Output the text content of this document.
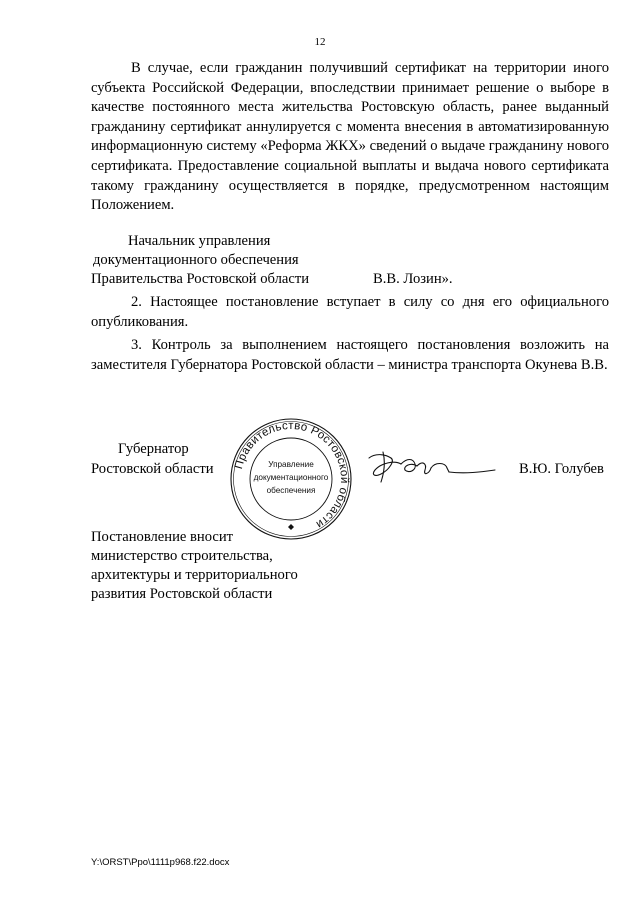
12

В случае, если гражданин получивший сертификат на территории иного субъекта Российской Федерации, впоследствии принимает решение о выборе в качестве постоянного места жительства Ростовскую область, ранее выданный гражданину сертификат аннулируется с момента внесения в автоматизированную информационную систему «Реформа ЖКХ» сведений о выдаче гражданину нового сертификата. Предоставление социальной выплаты и выдача нового сертификата такому гражданину осуществляется в порядке, предусмотренном настоящим Положением.

Начальник управления
документационного обеспечения
Правительства Ростовской области	В.В. Лозин».

2. Настоящее постановление вступает в силу со дня его официального опубликования.

3. Контроль за выполнением настоящего постановления возложить на заместителя Губернатора Ростовской области – министра транспорта Окунева В.В.

Губернатор
Ростовской области	В.Ю. Голубев
Правительство Ростовской области
Управление
документационного
обеспечения
Постановление вносит
министерство строительства,
архитектуры и территориального
развития Ростовской области
Y:\ORST\Ppo\1111p968.f22.docx
